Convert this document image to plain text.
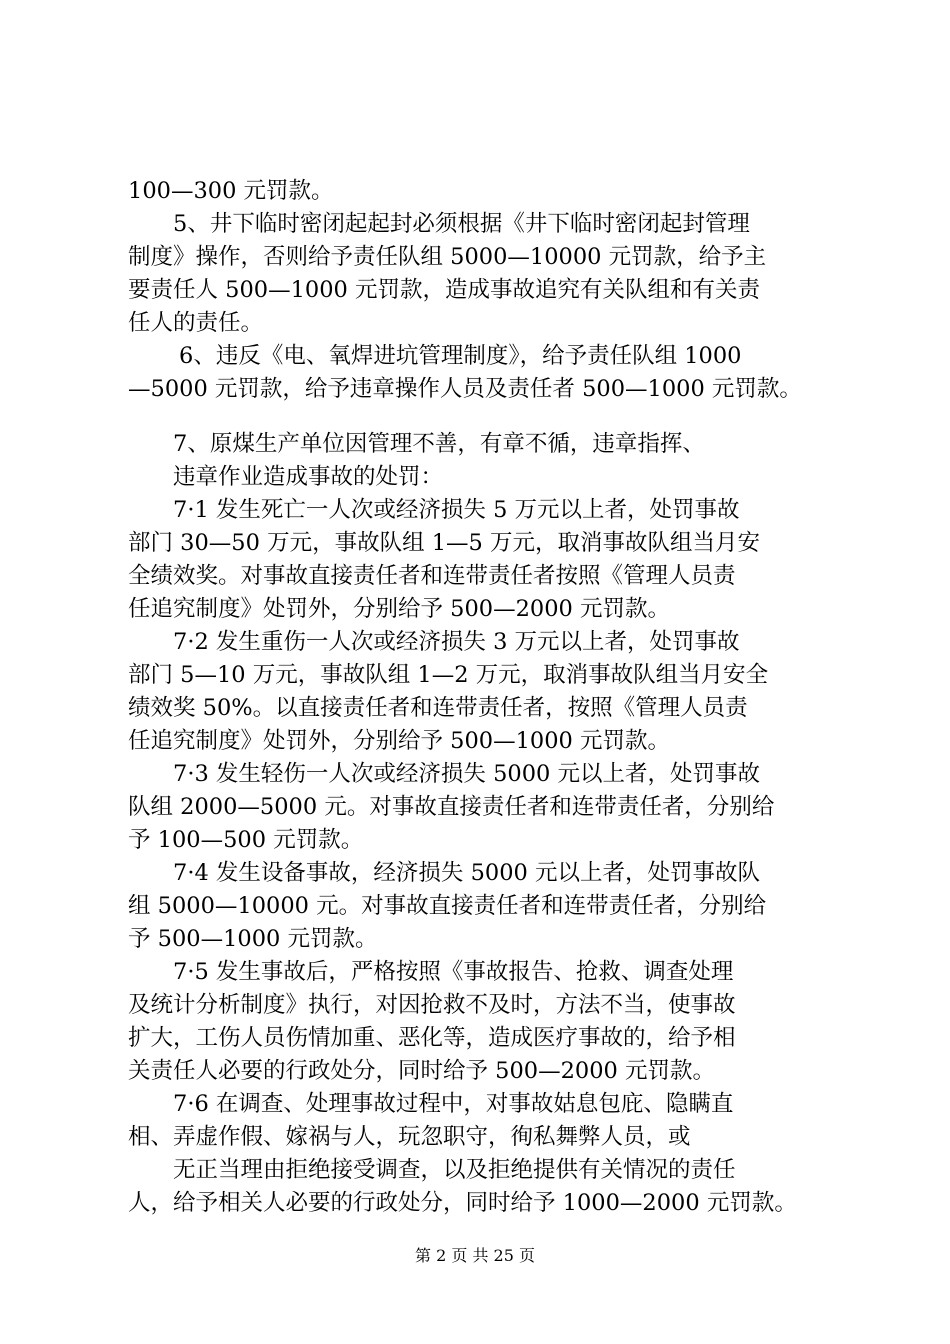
100—300 元罚款。
5、井下临时密闭起起封必须根据《井下临时密闭起封管理
制度》操作，否则给予责任队组 5000—10000 元罚款，给予主
要责任人 500—1000 元罚款，造成事故追究有关队组和有关责
任人的责任。
6、违反《电、氧焊进坑管理制度》，给予责任队组 1000
—5000 元罚款，给予违章操作人员及责任者 500—1000 元罚款。
7、原煤生产单位因管理不善，有章不循，违章指挥、
违章作业造成事故的处罚：
7·1 发生死亡一人次或经济损失 5 万元以上者，处罚事故
部门 30—50 万元，事故队组 1—5 万元，取消事故队组当月安
全绩效奖。对事故直接责任者和连带责任者按照《管理人员责
任追究制度》处罚外，分别给予 500—2000 元罚款。
7·2 发生重伤一人次或经济损失 3 万元以上者，处罚事故
部门 5—10 万元，事故队组 1—2 万元，取消事故队组当月安全
绩效奖 50%。以直接责任者和连带责任者，按照《管理人员责
任追究制度》处罚外，分别给予 500—1000 元罚款。
7·3 发生轻伤一人次或经济损失 5000 元以上者，处罚事故
队组 2000—5000 元。对事故直接责任者和连带责任者，分别给
予 100—500 元罚款。
7·4 发生设备事故，经济损失 5000 元以上者，处罚事故队
组 5000—10000 元。对事故直接责任者和连带责任者，分别给
予 500—1000 元罚款。
7·5 发生事故后，严格按照《事故报告、抢救、调查处理
及统计分析制度》执行，对因抢救不及时，方法不当，使事故
扩大，工伤人员伤情加重、恶化等，造成医疗事故的，给予相
关责任人必要的行政处分，同时给予 500—2000 元罚款。
7·6 在调查、处理事故过程中，对事故姑息包庇、隐瞒直
相、弄虚作假、嫁祸与人，玩忽职守，徇私舞弊人员，或
无正当理由拒绝接受调查，以及拒绝提供有关情况的责任
人，给予相关人必要的行政处分，同时给予 1000—2000 元罚款。
第 2 页 共 25 页
